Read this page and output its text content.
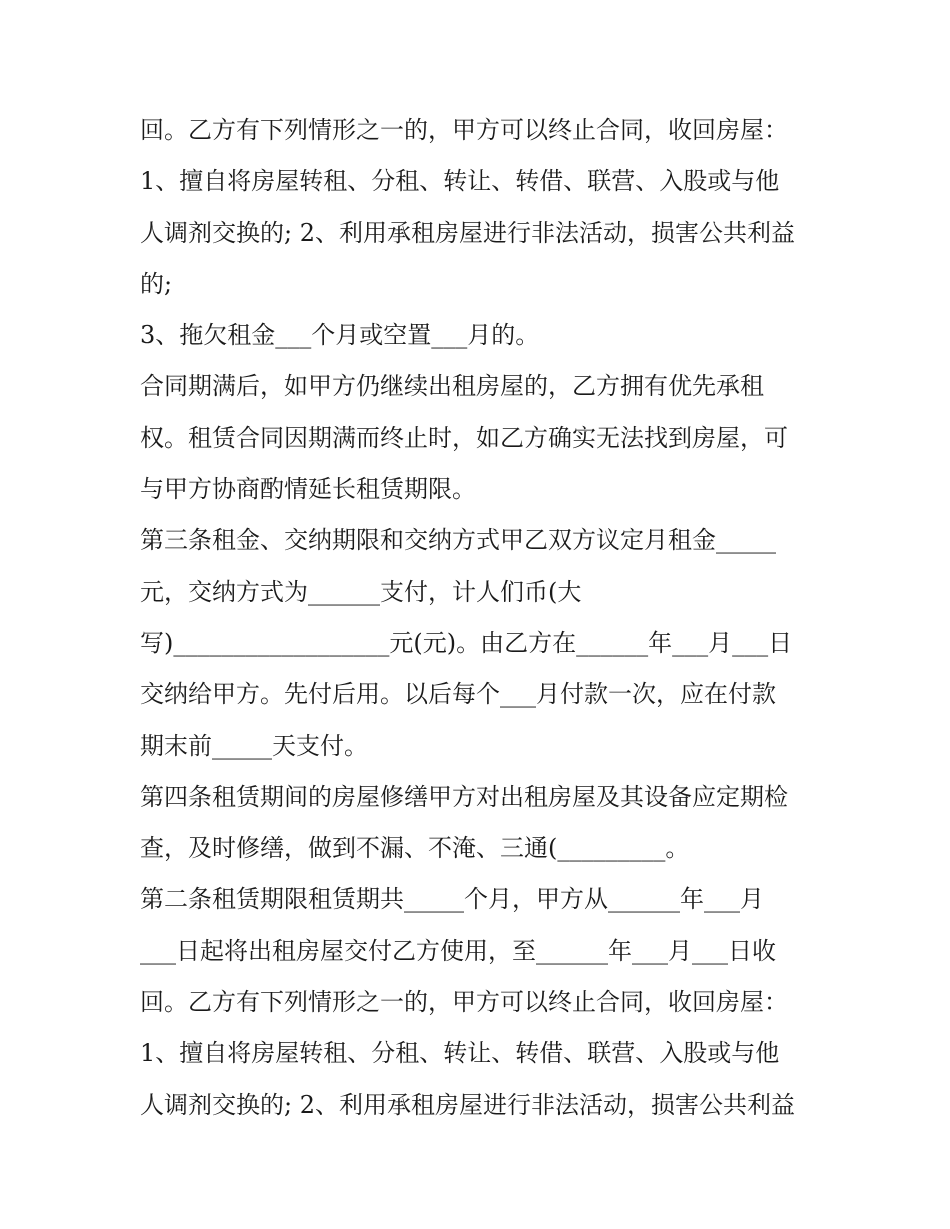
回。乙方有下列情形之一的，甲方可以终止合同，收回房屋：
1、擅自将房屋转租、分租、转让、转借、联营、入股或与他
人调剂交换的; 2、利用承租房屋进行非法活动，损害公共利益
的;
3、拖欠租金___个月或空置___月的。
合同期满后，如甲方仍继续出租房屋的，乙方拥有优先承租
权。租赁合同因期满而终止时，如乙方确实无法找到房屋，可
与甲方协商酌情延长租赁期限。
第三条租金、交纳期限和交纳方式甲乙双方议定月租金_____
元，交纳方式为______支付，计人们币(大
写)__________________元(元)。由乙方在______年___月___日
交纳给甲方。先付后用。以后每个___月付款一次，应在付款
期末前_____天支付。
第四条租赁期间的房屋修缮甲方对出租房屋及其设备应定期检
查，及时修缮，做到不漏、不淹、三通(_________。
第二条租赁期限租赁期共_____个月，甲方从______年___月
___日起将出租房屋交付乙方使用，至______年___月___日收
回。乙方有下列情形之一的，甲方可以终止合同，收回房屋：
1、擅自将房屋转租、分租、转让、转借、联营、入股或与他
人调剂交换的; 2、利用承租房屋进行非法活动，损害公共利益
